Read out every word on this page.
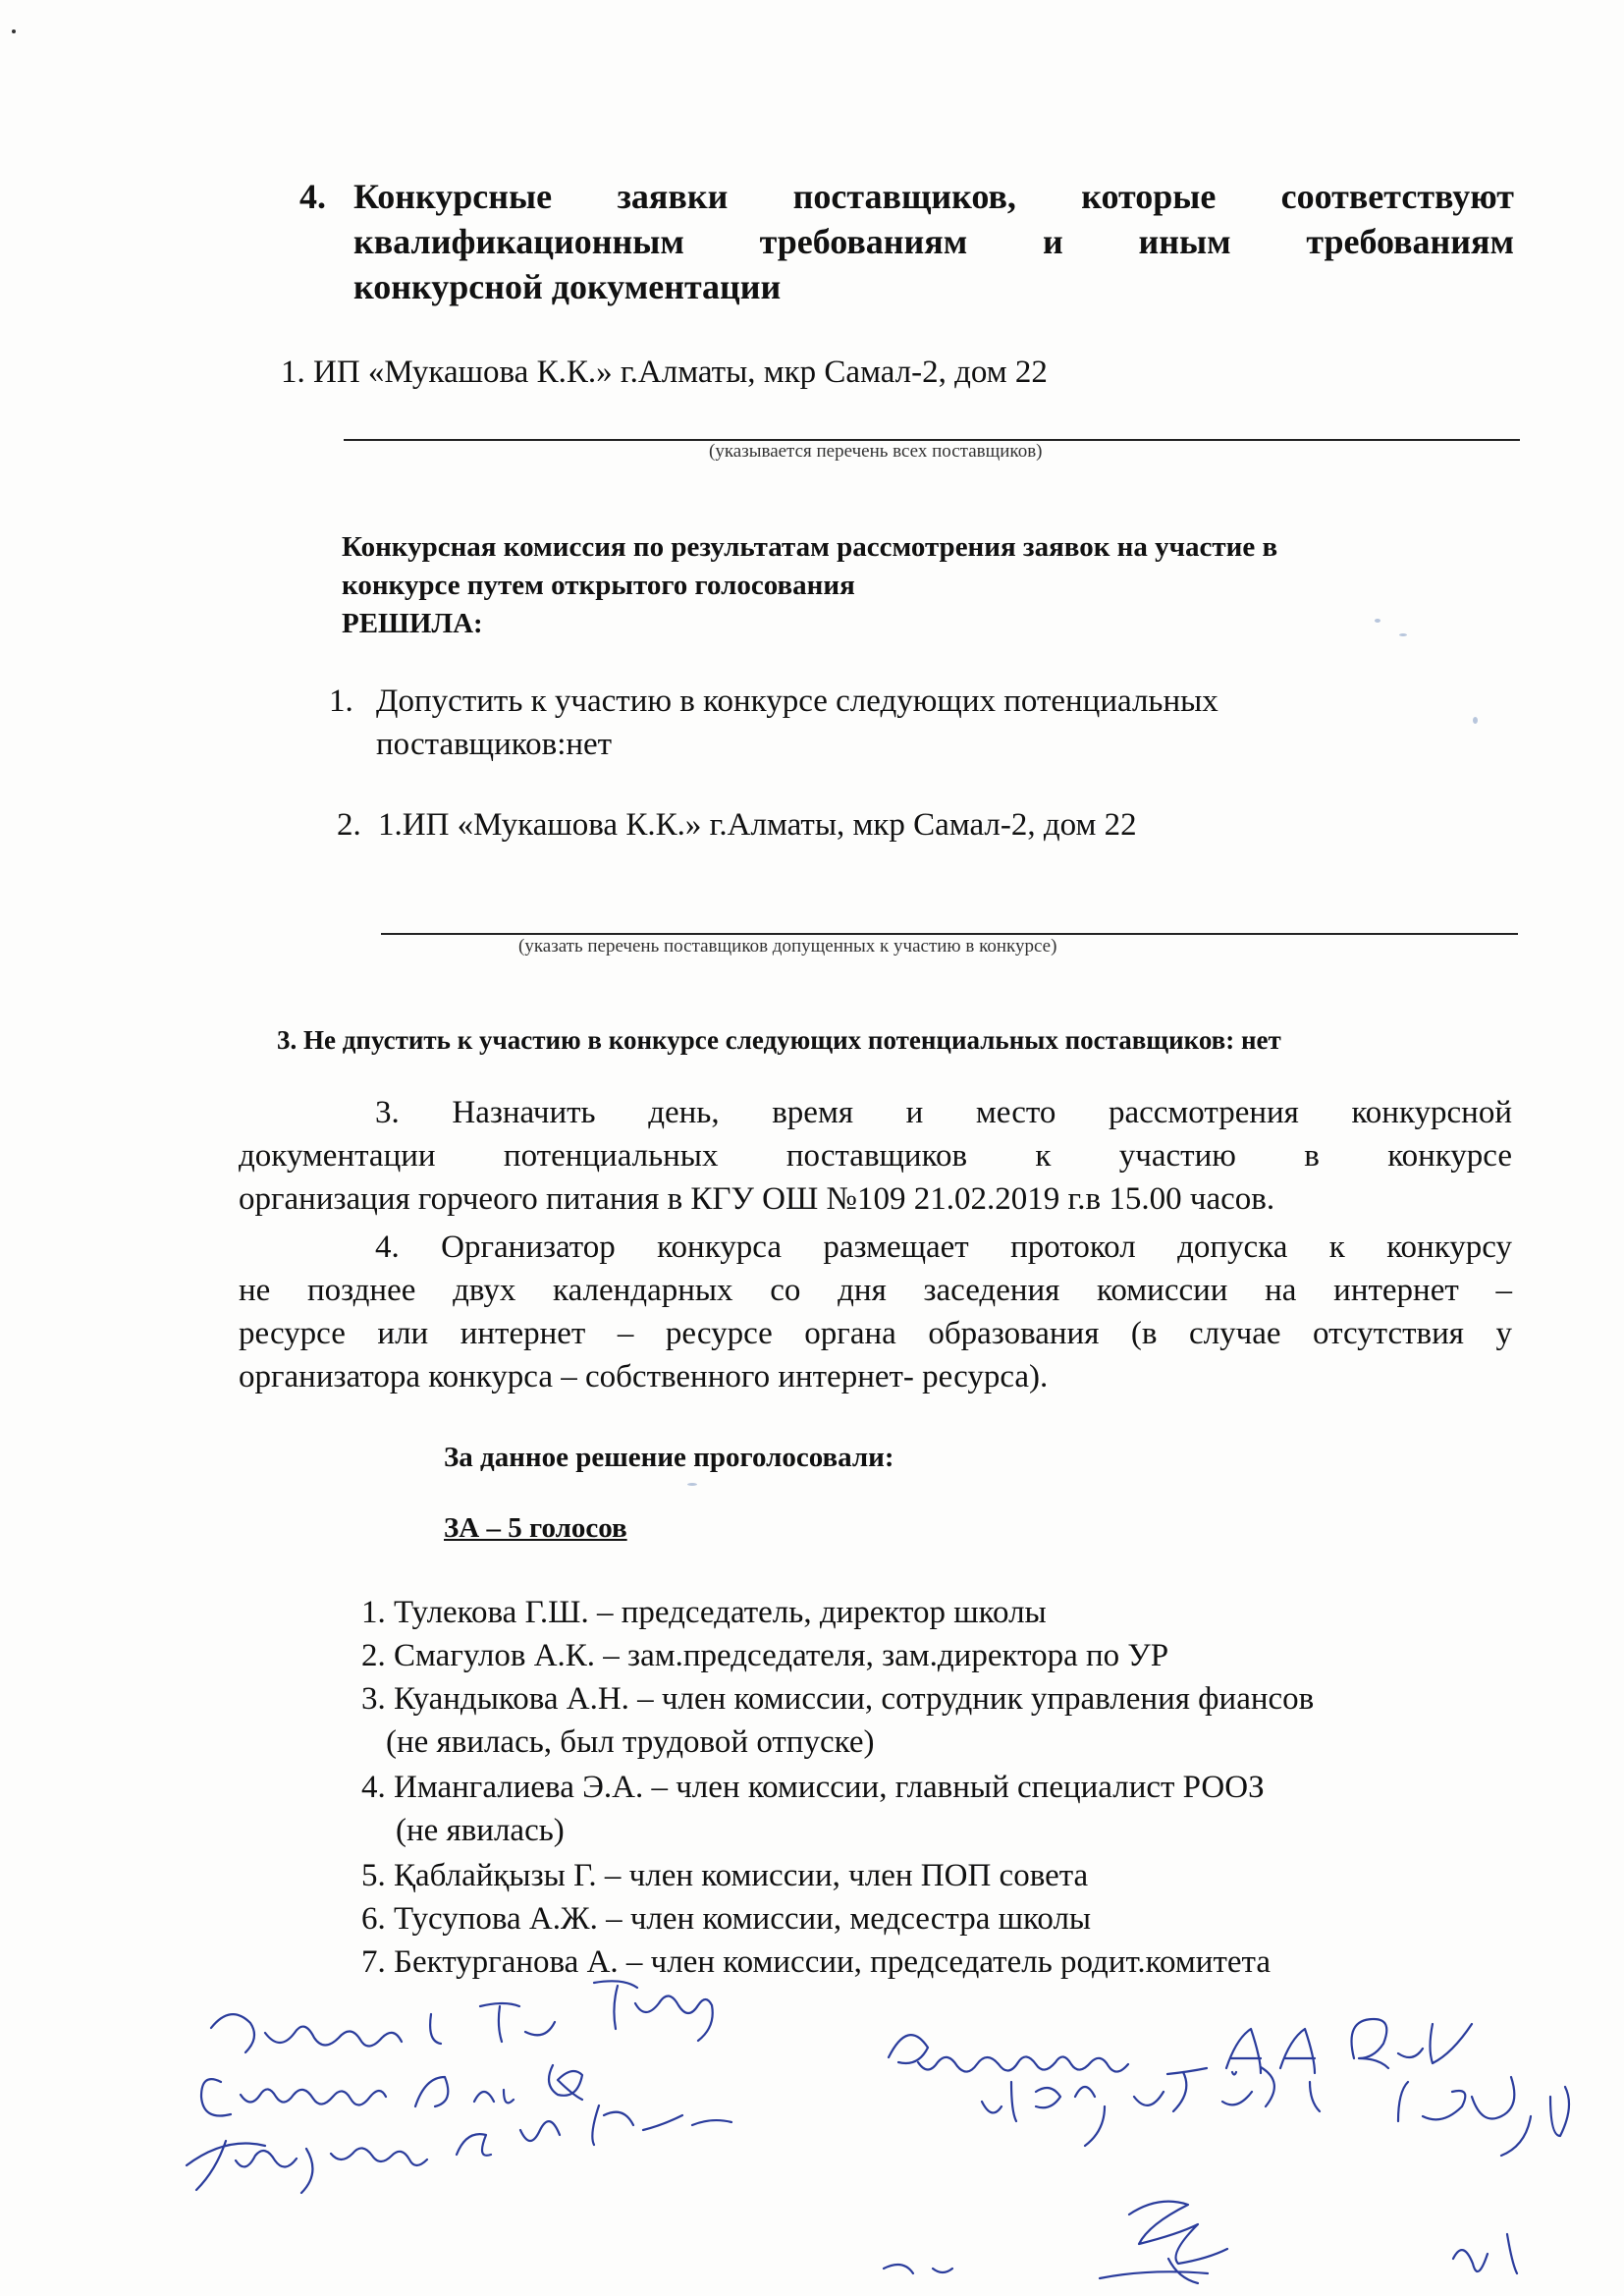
4. Конкурсные заявки поставщиков, которые соответствуют
квалификационным требованиям и иным требованиям
конкурсной документации
1. ИП «Мукашова К.К.» г.Алматы, мкр Самал-2, дом 22
(указывается перечень всех поставщиков)
Конкурсная комиссия по результатам рассмотрения заявок на участие в
конкурсе путем открытого голосования
РЕШИЛА:
1. Допустить к участию в конкурсе следующих потенциальных
поставщиков:нет
2. 1.ИП «Мукашова К.К.» г.Алматы, мкр Самал-2, дом 22
(указать перечень поставщиков допущенных к участию в конкурсе)
3. Не дпустить к участию в конкурсе следующих потенциальных поставщиков: нет
3. Назначить день, время и место рассмотрения конкурсной
документации потенциальных поставщиков к участию в конкурсе
организация горчеого питания в КГУ ОШ №109 21.02.2019 г.в 15.00 часов.
4. Организатор конкурса размещает протокол допуска к конкурсу
не позднее двух календарных со дня заседения комиссии на интернет –
ресурсе или интернет – ресурсе органа образования (в случае отсутствия у
организатора конкурса – собственного интернет- ресурса).
За данное решение проголосовали:
ЗА – 5 голосов
1. Тулекова Г.Ш. – председатель, директор школы
2. Смагулов А.К. – зам.председателя, зам.директора по УР
3. Куандыкова А.Н. – член комиссии, сотрудник управления фиансов
(не явилась, был трудовой отпуске)
4. Имангалиева Э.А. – член комиссии, главный специалист РООЗ
(не явилась)
5. Қаблайқызы Г. – член комиссии, член ПОП совета
6. Тусупова А.Ж. – член комиссии, медсестра школы
7. Бектурганова А. – член комиссии, председатель родит.комитета
